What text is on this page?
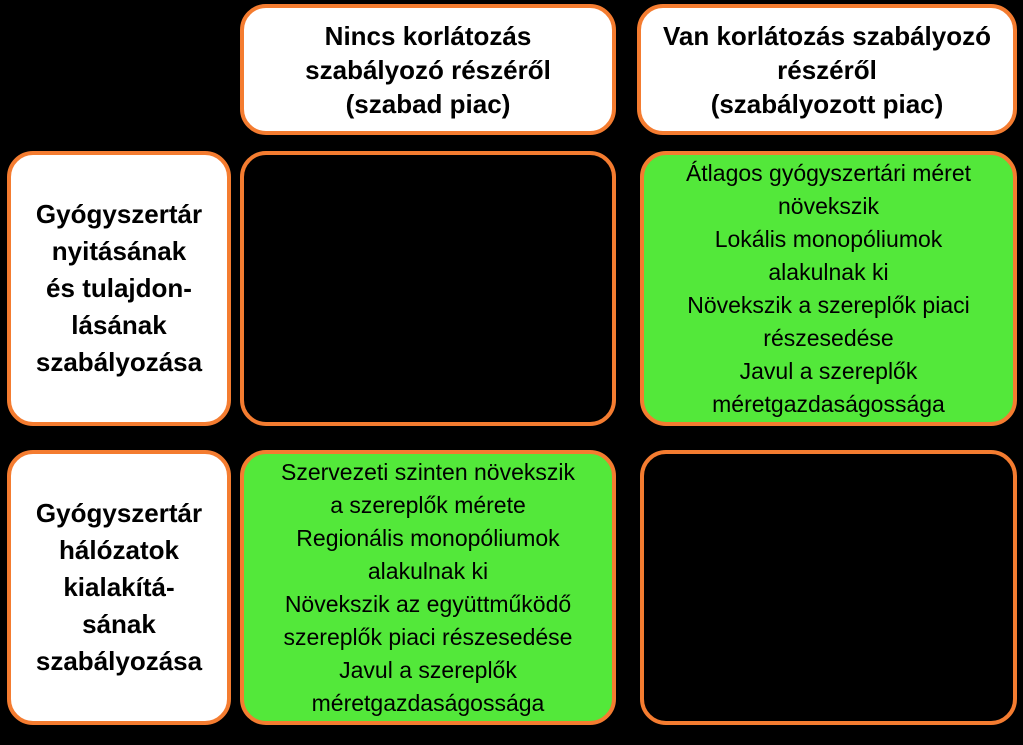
Nincs korlátozás
szabályozó részéről
(szabad piac)
Van korlátozás szabályozó
részéről
(szabályozott piac)
Gyógyszertár
nyitásának
és tulajdon-
lásának
szabályozása
Gyógyszertár
hálózatok
kialakítá-
sának
szabályozása
Átlagos gyógyszertári méret
növekszik
Lokális monopóliumok
alakulnak ki
Növekszik a szereplők piaci
részesedése
Javul a szereplők
méretgazdaságossága
Szervezeti szinten növekszik
a szereplők mérete
Regionális monopóliumok
alakulnak ki
Növekszik az együttműködő
szereplők piaci részesedése
Javul a szereplők
méretgazdaságossága
